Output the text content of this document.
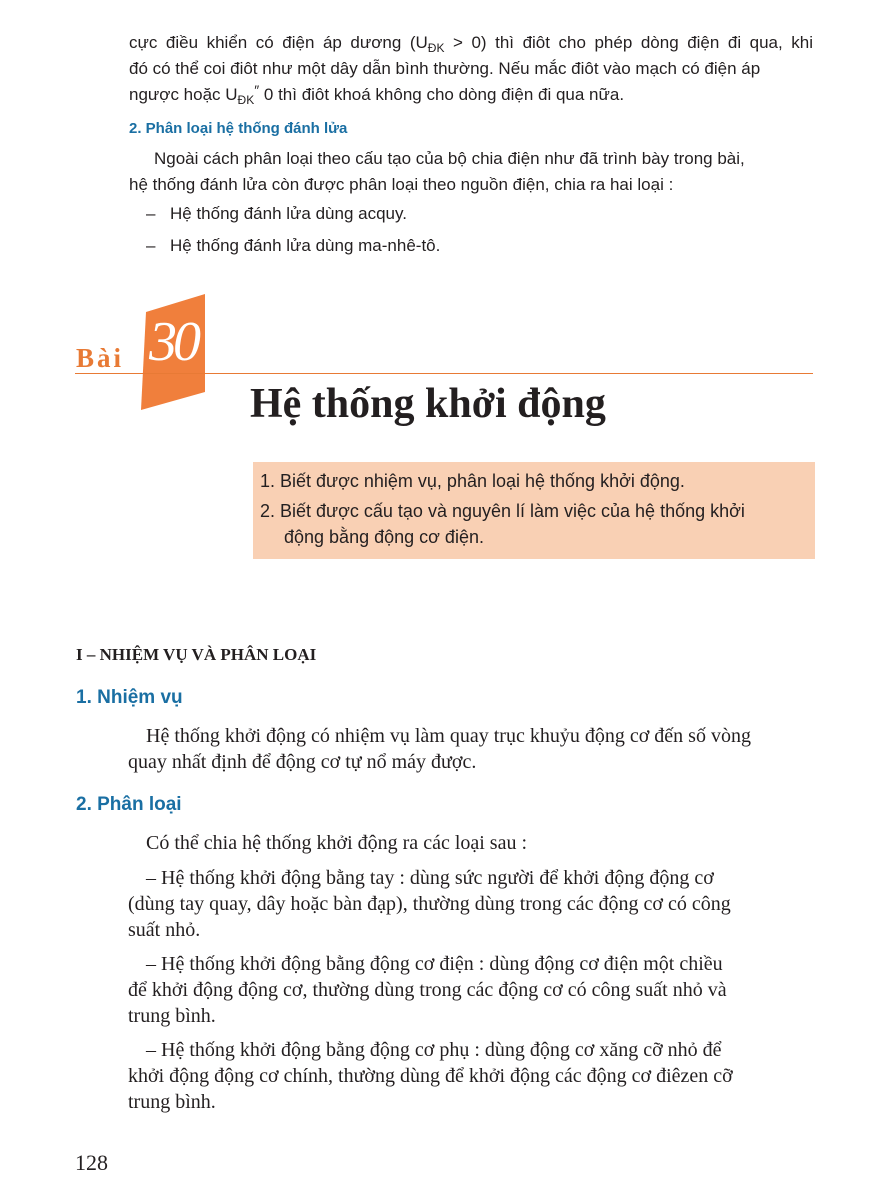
cực điều khiển có điện áp dương $(U_{ĐK} > 0)$ thì điôt cho phép dòng điện đi qua, khi
đó có thể coi điôt như một dây dẫn bình thường. Nếu mắc điôt vào mạch có điện áp
ngược hoặc $U_{ĐK}''$ 0 thì điôt khoá không cho dòng điện đi qua nữa.

2. Phân loại hệ thống đánh lửa

Ngoài cách phân loại theo cấu tạo của bộ chia điện như đã trình bày trong bài,
hệ thống đánh lửa còn được phân loại theo nguồn điện, chia ra hai loại :

– Hệ thống đánh lửa dùng acquy.

– Hệ thống đánh lửa dùng ma-nhê-tô.

Bài 30
Hệ thống khởi động

1. Biết được nhiệm vụ, phân loại hệ thống khởi động.

2. Biết được cấu tạo và nguyên lí làm việc của hệ thống khởi
động bằng động cơ điện.

I – NHIỆM VỤ VÀ PHÂN LOẠI
1. Nhiệm vụ

Hệ thống khởi động có nhiệm vụ làm quay trục khuỷu động cơ đến số vòng
quay nhất định để động cơ tự nổ máy được.

2. Phân loại

Có thể chia hệ thống khởi động ra các loại sau :

– Hệ thống khởi động bằng tay : dùng sức người để khởi động động cơ
(dùng tay quay, dây hoặc bàn đạp), thường dùng trong các động cơ có công
suất nhỏ.

– Hệ thống khởi động bằng động cơ điện : dùng động cơ điện một chiều
để khởi động động cơ, thường dùng trong các động cơ có công suất nhỏ và
trung bình.

– Hệ thống khởi động bằng động cơ phụ : dùng động cơ xăng cỡ nhỏ để
khởi động động cơ chính, thường dùng để khởi động các động cơ điêzen cỡ
trung bình.

128
